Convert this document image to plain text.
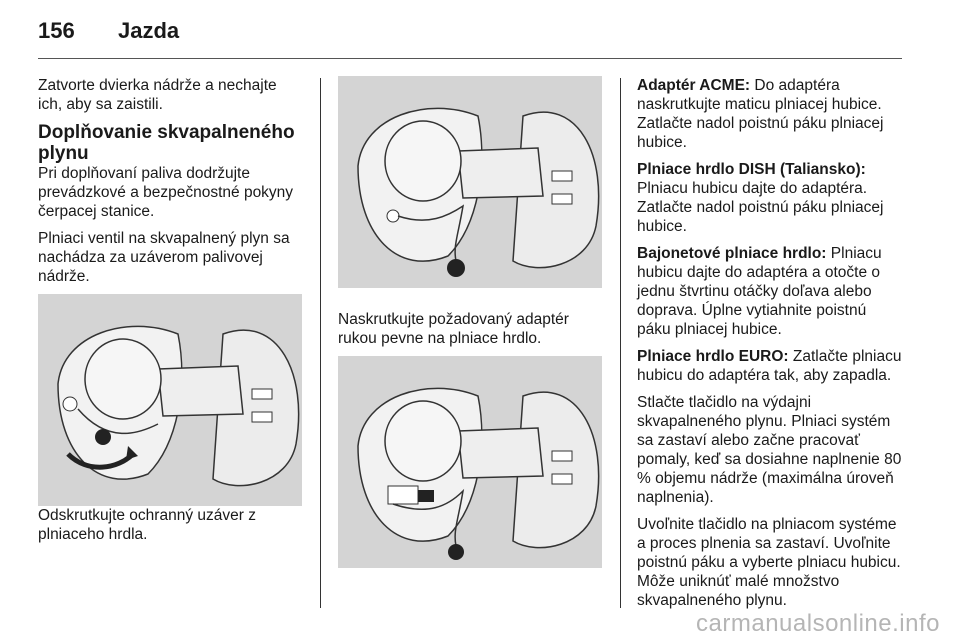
156 Jazda

Zatvorte dvierka nádrže a nechajte ich, aby sa zaistili.

Doplňovanie skvapalneného plynu

Pri doplňovaní paliva dodržujte prevádzkové a bezpečnostné pokyny čerpacej stanice.

Plniaci ventil na skvapalnený plyn sa nachádza za uzáverom palivovej nádrže.

Odskrutkujte ochranný uzáver z plniaceho hrdla.

Naskrutkujte požadovaný adaptér rukou pevne na plniace hrdlo.

Adaptér ACME: Do adaptéra naskrutkujte maticu plniacej hubice. Zatlačte nadol poistnú páku plniacej hubice.

Plniace hrdlo DISH (Taliansko): Plniacu hubicu dajte do adaptéra. Zatlačte nadol poistnú páku plniacej hubice.

Bajonetové plniace hrdlo: Plniacu hubicu dajte do adaptéra a otočte o jednu štvrtinu otáčky doľava alebo doprava. Úplne vytiahnite poistnú páku plniacej hubice.

Plniace hrdlo EURO: Zatlačte plniacu hubicu do adaptéra tak, aby zapadla.

Stlačte tlačidlo na výdajni skvapalneného plynu. Plniaci systém sa zastaví alebo začne pracovať pomaly, keď sa dosiahne naplnenie 80 % objemu nádrže (maximálna úroveň naplnenia).

Uvoľnite tlačidlo na plniacom systéme a proces plnenia sa zastaví. Uvoľnite poistnú páku a vyberte plniacu hubicu. Môže uniknúť malé množstvo skvapalneného plynu.

carmanualsonline.info
